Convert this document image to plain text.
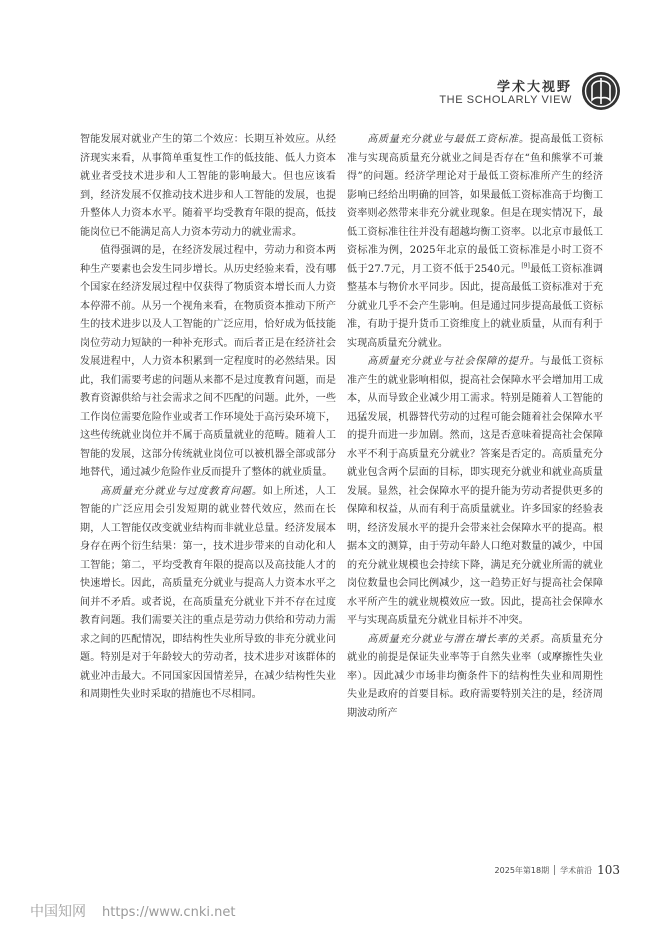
学术大视野
THE SCHOLARLY VIEW

智能发展对就业产生的第二个效应：长期互补效应。从经济现实来看，从事简单重复性工作的低技能、低人力资本就业者受技术进步和人工智能的影响最大。但也应该看到，经济发展不仅推动技术进步和人工智能的发展，也提升整体人力资本水平。随着平均受教育年限的提高，低技能岗位已不能满足高人力资本劳动力的就业需求。

值得强调的是，在经济发展过程中，劳动力和资本两种生产要素也会发生同步增长。从历史经验来看，没有哪个国家在经济发展过程中仅获得了物质资本增长而人力资本停滞不前。从另一个视角来看，在物质资本推动下所产生的技术进步以及人工智能的广泛应用，恰好成为低技能岗位劳动力短缺的一种补充形式。而后者正是在经济社会发展进程中，人力资本积累到一定程度时的必然结果。因此，我们需要考虑的问题从来都不是过度教育问题，而是教育资源供给与社会需求之间不匹配的问题。此外，一些工作岗位需要危险作业或者工作环境处于高污染环境下，这些传统就业岗位并不属于高质量就业的范畴。随着人工智能的发展，这部分传统就业岗位可以被机器全部或部分地替代，通过减少危险作业反而提升了整体的就业质量。

高质量充分就业与过度教育问题。如上所述，人工智能的广泛应用会引发短期的就业替代效应，然而在长期，人工智能仅改变就业结构而非就业总量。经济发展本身存在两个衍生结果：第一，技术进步带来的自动化和人工智能；第二，平均受教育年限的提高以及高技能人才的快速增长。因此，高质量充分就业与提高人力资本水平之间并不矛盾。或者说，在高质量充分就业下并不存在过度教育问题。我们需要关注的重点是劳动力供给和劳动力需求之间的匹配情况，即结构性失业所导致的非充分就业问题。特别是对于年龄较大的劳动者，技术进步对该群体的就业冲击最大。不同国家因国情差异，在减少结构性失业和周期性失业时采取的措施也不尽相同。

高质量充分就业与最低工资标准。提高最低工资标准与实现高质量充分就业之间是否存在“鱼和熊掌不可兼得”的问题。经济学理论对于最低工资标准所产生的经济影响已经给出明确的回答，如果最低工资标准高于均衡工资率则必然带来非充分就业现象。但是在现实情况下，最低工资标准往往并没有超越均衡工资率。以北京市最低工资标准为例，2025年北京的最低工资标准是小时工资不低于27.7元，月工资不低于2540元。[9]最低工资标准调整基本与物价水平同步。因此，提高最低工资标准对于充分就业几乎不会产生影响。但是通过同步提高最低工资标准，有助于提升货币工资维度上的就业质量，从而有利于实现高质量充分就业。

高质量充分就业与社会保障的提升。与最低工资标准产生的就业影响相似，提高社会保障水平会增加用工成本，从而导致企业减少用工需求。特别是随着人工智能的迅猛发展，机器替代劳动的过程可能会随着社会保障水平的提升而进一步加剧。然而，这是否意味着提高社会保障水平不利于高质量充分就业？答案是否定的。高质量充分就业包含两个层面的目标，即实现充分就业和就业高质量发展。显然，社会保障水平的提升能为劳动者提供更多的保障和权益，从而有利于高质量就业。许多国家的经验表明，经济发展水平的提升会带来社会保障水平的提高。根据本文的测算，由于劳动年龄人口绝对数量的减少，中国的充分就业规模也会持续下降，满足充分就业所需的就业岗位数量也会同比例减少，这一趋势正好与提高社会保障水平所产生的就业规模效应一致。因此，提高社会保障水平与实现高质量充分就业目标并不冲突。

高质量充分就业与潜在增长率的关系。高质量充分就业的前提是保证失业率等于自然失业率（或摩擦性失业率）。因此减少市场非均衡条件下的结构性失业和周期性失业是政府的首要目标。政府需要特别关注的是，经济周期波动所产

2025年第18期 学术前沿 103
中国知网 https://www.cnki.net
